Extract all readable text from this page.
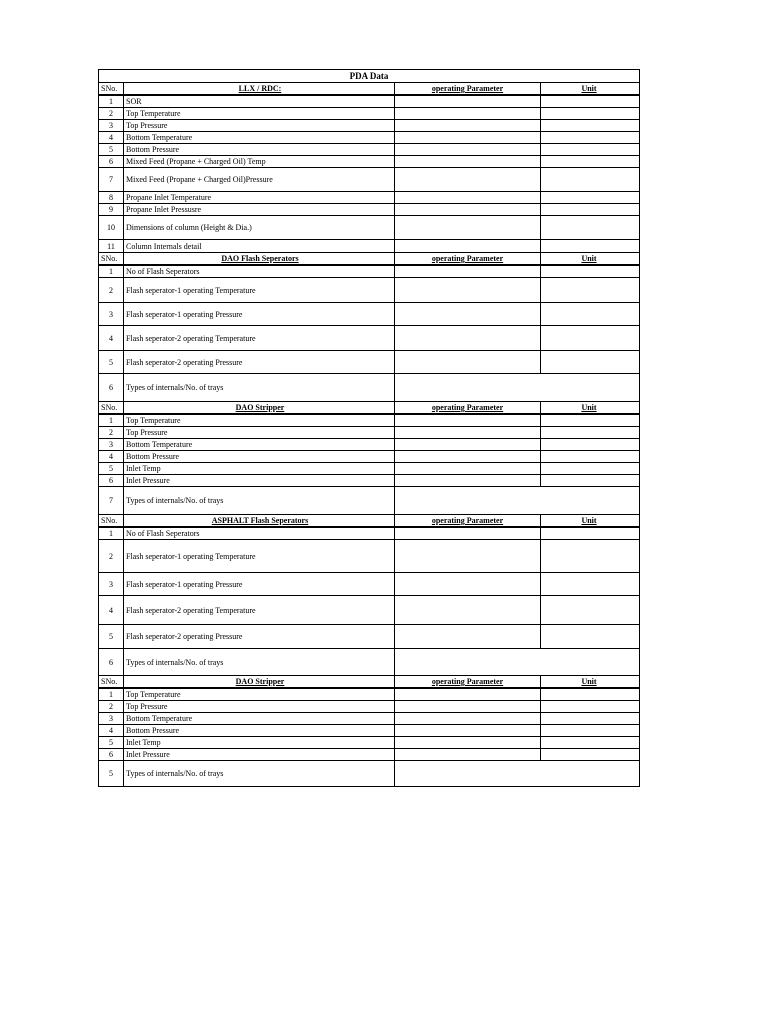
PDA Data
SNo.	LLX / RDC:	operating Parameter	Unit
1	SOR
2	Top Temperature
3	Top Pressure
4	Bottom Temperature
5	Bottom Pressure
6	Mixed Feed (Propane + Charged Oil) Temp
7	Mixed Feed (Propane + Charged Oil)Pressure
8	Propane Inlet Temperature
9	Propane Inlet Pressusre
10	Dimensions of column (Height & Dia.)
11	Column Internals detail
SNo.	DAO Flash Seperators	operating Parameter	Unit
1	No of Flash Seperators
2	Flash seperator-1 operating Temperature
3	Flash seperator-1 operating Pressure
4	Flash seperator-2 operating Temperature
5	Flash seperator-2 operating Pressure
6	Types of internals/No. of trays
SNo.	DAO Stripper	operating Parameter	Unit
1	Top Temperature
2	Top Pressure
3	Bottom Temperature
4	Bottom Pressure
5	Inlet Temp
6	Inlet Pressure
7	Types of internals/No. of trays
SNo.	ASPHALT Flash Seperators	operating Parameter	Unit
1	No of Flash Seperators
2	Flash seperator-1 operating Temperature
3	Flash seperator-1 operating Pressure
4	Flash seperator-2 operating Temperature
5	Flash seperator-2 operating Pressure
6	Types of internals/No. of trays
SNo.	DAO Stripper	operating Parameter	Unit
1	Top Temperature
2	Top Pressure
3	Bottom Temperature
4	Bottom Pressure
5	Inlet Temp
6	Inlet Pressure
5	Types of internals/No. of trays
